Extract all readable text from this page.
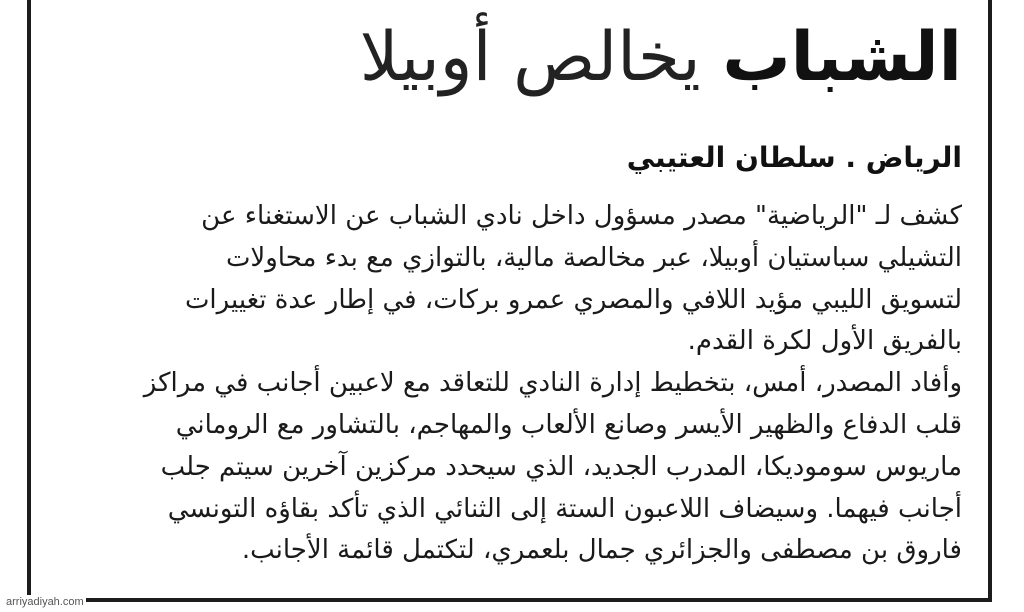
الشباب يخالص أوبيلا
الرياض . سلطان العتيبي
كشف لـ "الرياضية" مصدر مسؤول داخل نادي الشباب عن الاستغناء عن
التشيلي سباستيان أوبيلا، عبر مخالصة مالية، بالتوازي مع بدء محاولات
لتسويق الليبي مؤيد اللافي والمصري عمرو بركات، في إطار عدة تغييرات
بالفريق الأول لكرة القدم.
وأفاد المصدر، أمس، بتخطيط إدارة النادي للتعاقد مع لاعبين أجانب في مراكز
قلب الدفاع والظهير الأيسر وصانع الألعاب والمهاجم، بالتشاور مع الروماني
ماريوس سوموديكا، المدرب الجديد، الذي سيحدد مركزين آخرين سيتم جلب
أجانب فيهما. وسيضاف اللاعبون الستة إلى الثنائي الذي تأكد بقاؤه التونسي
فاروق بن مصطفى والجزائري جمال بلعمري، لتكتمل قائمة الأجانب.
arriyadiyah.com
